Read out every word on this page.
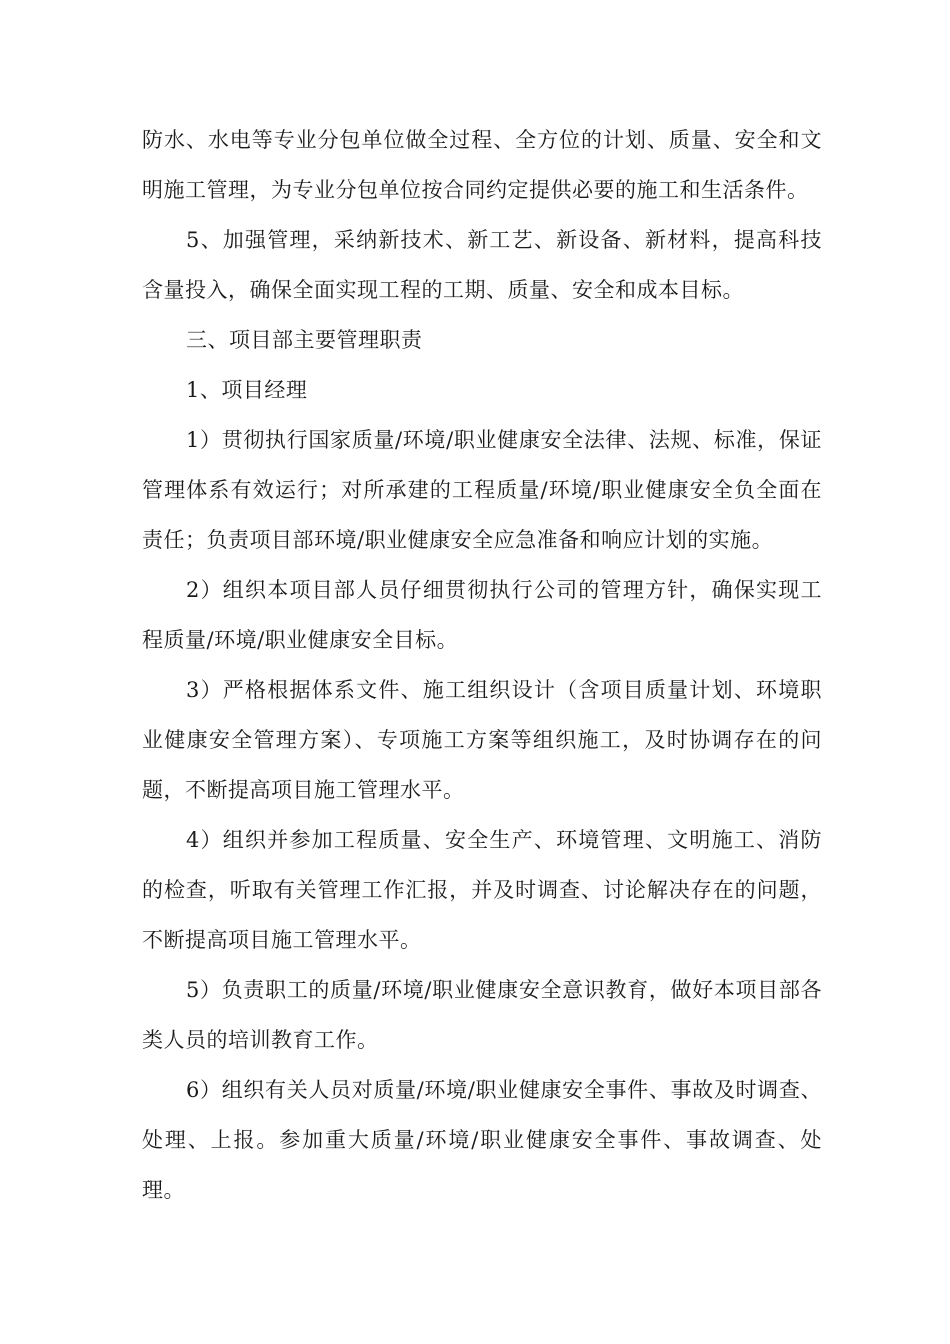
防水、水电等专业分包单位做全过程、全方位的计划、质量、安全和文明施工管理，为专业分包单位按合同约定提供必要的施工和生活条件。

5、加强管理，采纳新技术、新工艺、新设备、新材料，提高科技含量投入，确保全面实现工程的工期、质量、安全和成本目标。

三、项目部主要管理职责

1、项目经理

1）贯彻执行国家质量/环境/职业健康安全法律、法规、标准，保证管理体系有效运行；对所承建的工程质量/环境/职业健康安全负全面在责任；负责项目部环境/职业健康安全应急准备和响应计划的实施。

2）组织本项目部人员仔细贯彻执行公司的管理方针，确保实现工程质量/环境/职业健康安全目标。

3）严格根据体系文件、施工组织设计（含项目质量计划、环境职业健康安全管理方案）、专项施工方案等组织施工，及时协调存在的问题，不断提高项目施工管理水平。

4）组织并参加工程质量、安全生产、环境管理、文明施工、消防的检查，听取有关管理工作汇报，并及时调查、讨论解决存在的问题，不断提高项目施工管理水平。

5）负责职工的质量/环境/职业健康安全意识教育，做好本项目部各类人员的培训教育工作。

6）组织有关人员对质量/环境/职业健康安全事件、事故及时调查、处理、上报。参加重大质量/环境/职业健康安全事件、事故调查、处理。
